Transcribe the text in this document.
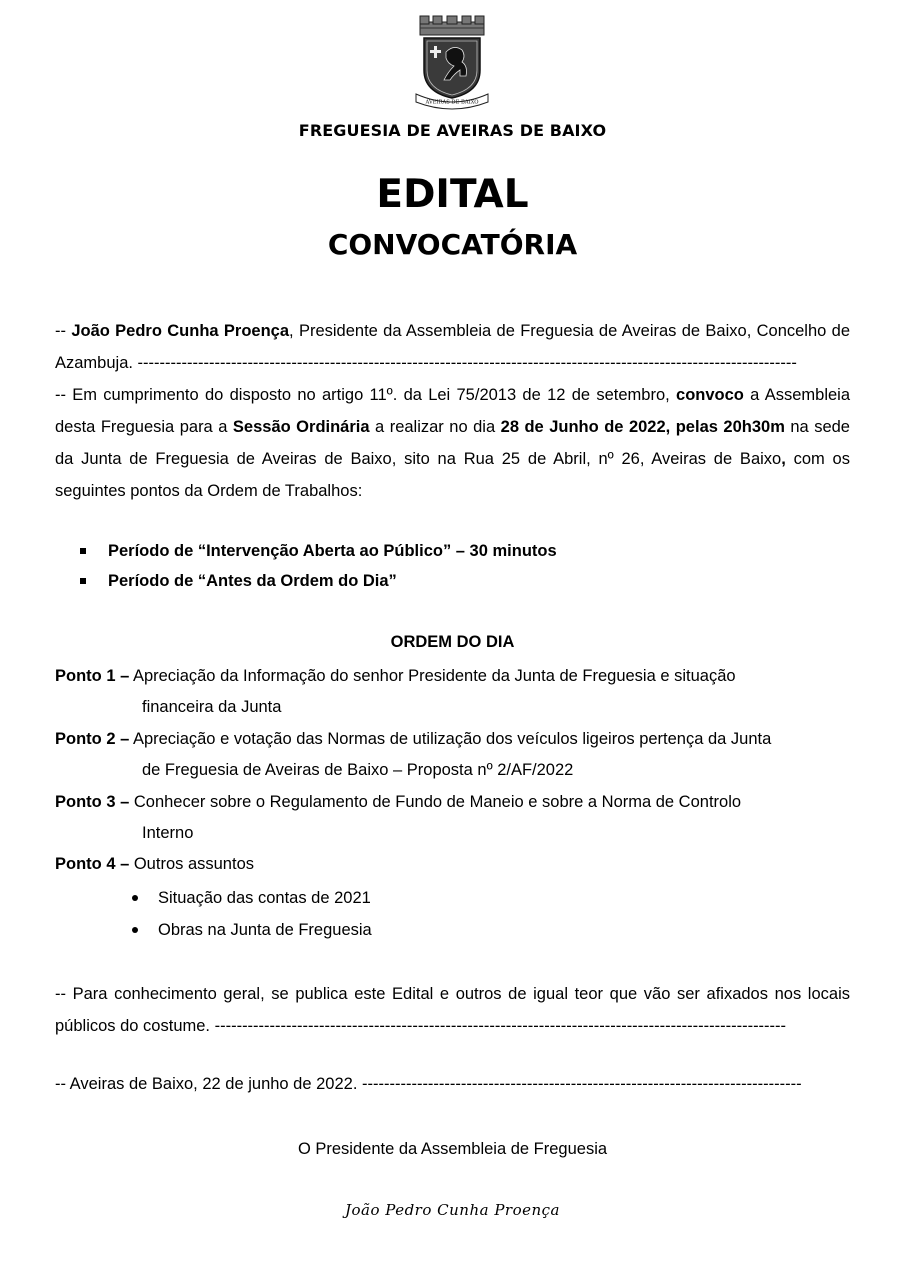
AVEIRAS DE BAIXO
FREGUESIA DE AVEIRAS DE BAIXO
EDITAL
CONVOCATÓRIA
-- João Pedro Cunha Proença, Presidente da Assembleia de Freguesia de Aveiras de Baixo, Concelho de Azambuja. ------------------------------------------------------------------------------------------------------------------------
-- Em cumprimento do disposto no artigo 11º. da Lei 75/2013 de 12 de setembro, convoco a Assembleia desta Freguesia para a Sessão Ordinária a realizar no dia 28 de Junho de 2022, pelas 20h30m na sede da Junta de Freguesia de Aveiras de Baixo, sito na Rua 25 de Abril, nº 26, Aveiras de Baixo, com os seguintes pontos da Ordem de Trabalhos:
Período de “Intervenção Aberta ao Público” – 30 minutos
Período de “Antes da Ordem do Dia”
ORDEM DO DIA
Ponto 1 – Apreciação da Informação do senhor Presidente da Junta de Freguesia e situação
financeira da Junta
Ponto 2 – Apreciação e votação das Normas de utilização dos veículos ligeiros pertença da Junta
de Freguesia de Aveiras de Baixo – Proposta nº 2/AF/2022
Ponto 3 – Conhecer sobre o Regulamento de Fundo de Maneio e sobre a Norma de Controlo
Interno
Ponto 4 – Outros assuntos
Situação das contas de 2021
Obras na Junta de Freguesia
-- Para conhecimento geral, se publica este Edital e outros de igual teor que vão ser afixados nos locais públicos do costume. --------------------------------------------------------------------------------------------------------
-- Aveiras de Baixo, 22 de junho de 2022. --------------------------------------------------------------------------------
O Presidente da Assembleia de Freguesia
João Pedro Cunha Proença
